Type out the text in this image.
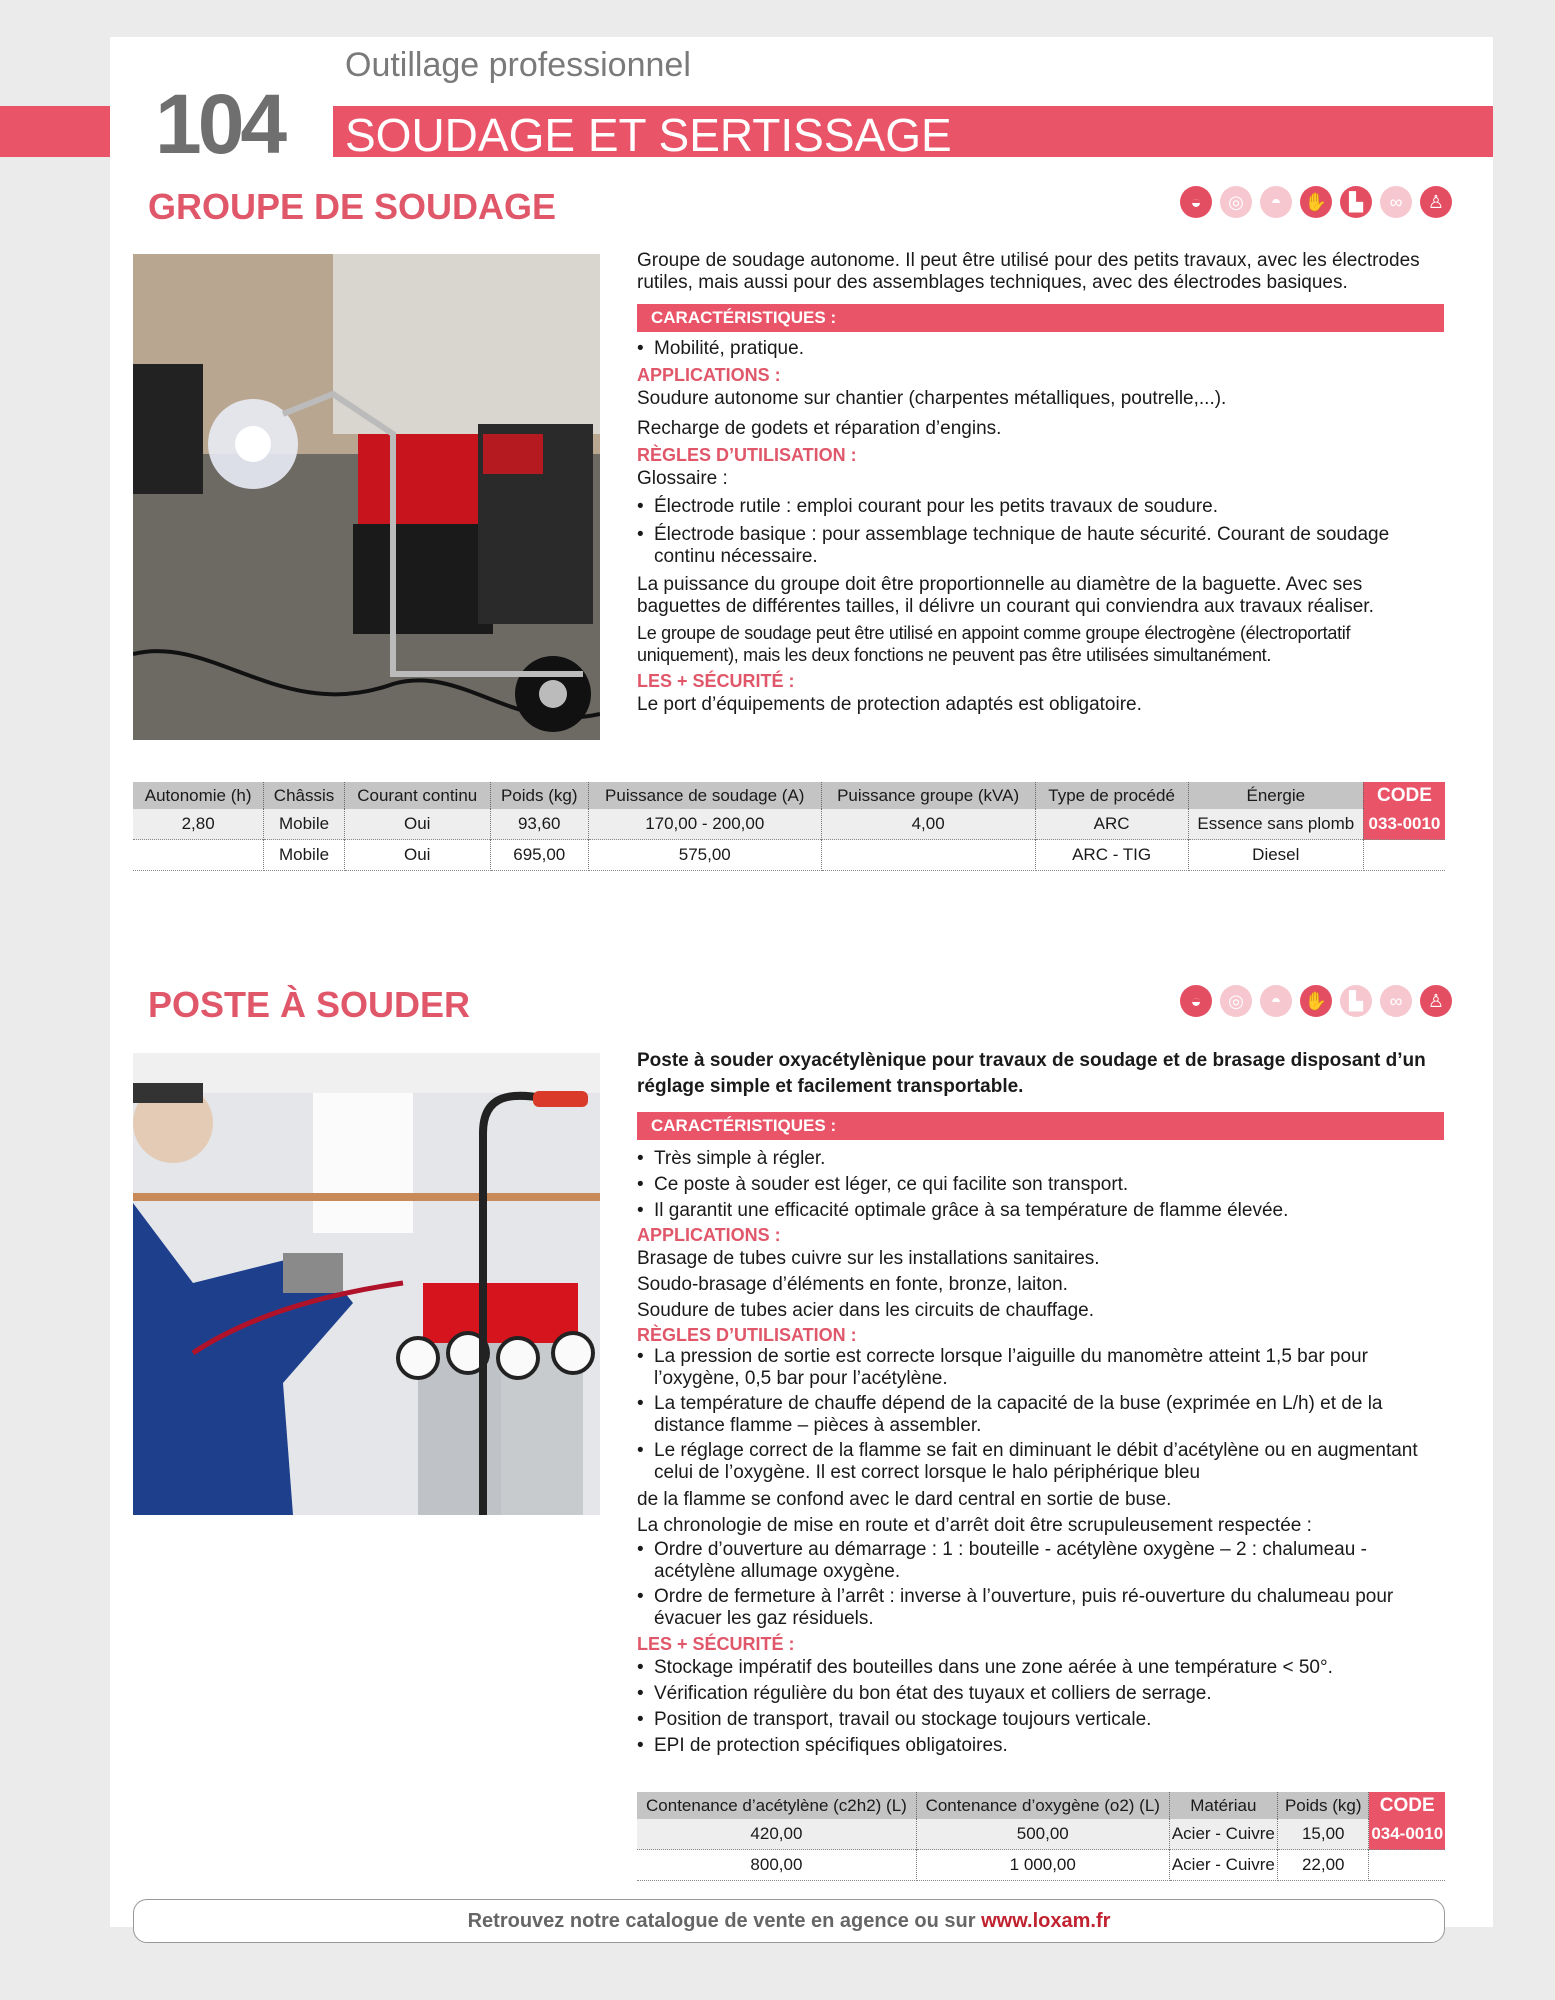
Outillage professionnel
104 SOUDAGE ET SERTISSAGE
GROUPE DE SOUDAGE	◒	◎	◓	✋	▙	∞	♙

Groupe de soudage autonome. Il peut être utilisé pour des petits travaux, avec les électrodes rutiles, mais aussi pour des assemblages techniques, avec des électrodes basiques.

CARACTÉRISTIQUES :
• Mobilité, pratique.
APPLICATIONS :
Soudure autonome sur chantier (charpentes métalliques, poutrelle,...).
Recharge de godets et réparation d’engins.
RÈGLES D’UTILISATION :
Glossaire :
• Électrode rutile : emploi courant pour les petits travaux de soudure.
• Électrode basique : pour assemblage technique de haute sécurité. Courant de soudage continu nécessaire.
La puissance du groupe doit être proportionnelle au diamètre de la baguette. Avec ses baguettes de différentes tailles, il délivre un courant qui conviendra aux travaux réaliser.
Le groupe de soudage peut être utilisé en appoint comme groupe électrogène (électroportatif uniquement), mais les deux fonctions ne peuvent pas être utilisées simultanément.
LES + SÉCURITÉ :
Le port d’équipements de protection adaptés est obligatoire.
Autonomie (h)	Châssis	Courant continu	Poids (kg)	Puissance de soudage (A)	Puissance groupe (kVA)	Type de procédé	Énergie	CODE
2,80	Mobile	Oui	93,60	170,00 - 200,00	4,00	ARC	Essence sans plomb	033-0010
	Mobile	Oui	695,00	575,00		ARC - TIG	Diesel	033-0050
POSTE À SOUDER	◒	◎	◓	✋	▙	∞	♙

Poste à souder oxyacétylènique pour travaux de soudage et de brasage disposant d’un réglage simple et facilement transportable.

CARACTÉRISTIQUES :
• Très simple à régler.
• Ce poste à souder est léger, ce qui facilite son transport.
• Il garantit une efficacité optimale grâce à sa température de flamme élevée.
APPLICATIONS :
Brasage de tubes cuivre sur les installations sanitaires.
Soudo-brasage d’éléments en fonte, bronze, laiton.
Soudure de tubes acier dans les circuits de chauffage.
RÈGLES D’UTILISATION :
• La pression de sortie est correcte lorsque l’aiguille du manomètre atteint 1,5 bar pour l’oxygène, 0,5 bar pour l’acétylène.
• La température de chauffe dépend de la capacité de la buse (exprimée en L/h) et de la distance flamme – pièces à assembler.
• Le réglage correct de la flamme se fait en diminuant le débit d’acétylène ou en augmentant celui de l’oxygène. Il est correct lorsque le halo périphérique bleu
de la flamme se confond avec le dard central en sortie de buse.
La chronologie de mise en route et d’arrêt doit être scrupuleusement respectée :
• Ordre d’ouverture au démarrage : 1 : bouteille - acétylène oxygène – 2 : chalumeau - acétylène allumage oxygène.
• Ordre de fermeture à l’arrêt : inverse à l’ouverture, puis ré-ouverture du chalumeau pour évacuer les gaz résiduels.
LES + SÉCURITÉ :
• Stockage impératif des bouteilles dans une zone aérée à une température < 50°.
• Vérification régulière du bon état des tuyaux et colliers de serrage.
• Position de transport, travail ou stockage toujours verticale.
• EPI de protection spécifiques obligatoires.
Contenance d’acétylène (c2h2) (L)	Contenance d’oxygène (o2) (L)	Matériau	Poids (kg)	CODE
420,00	500,00	Acier - Cuivre	15,00	034-0010
800,00	1 000,00	Acier - Cuivre	22,00	034-0011
Retrouvez notre catalogue de vente en agence ou sur www.loxam.fr
